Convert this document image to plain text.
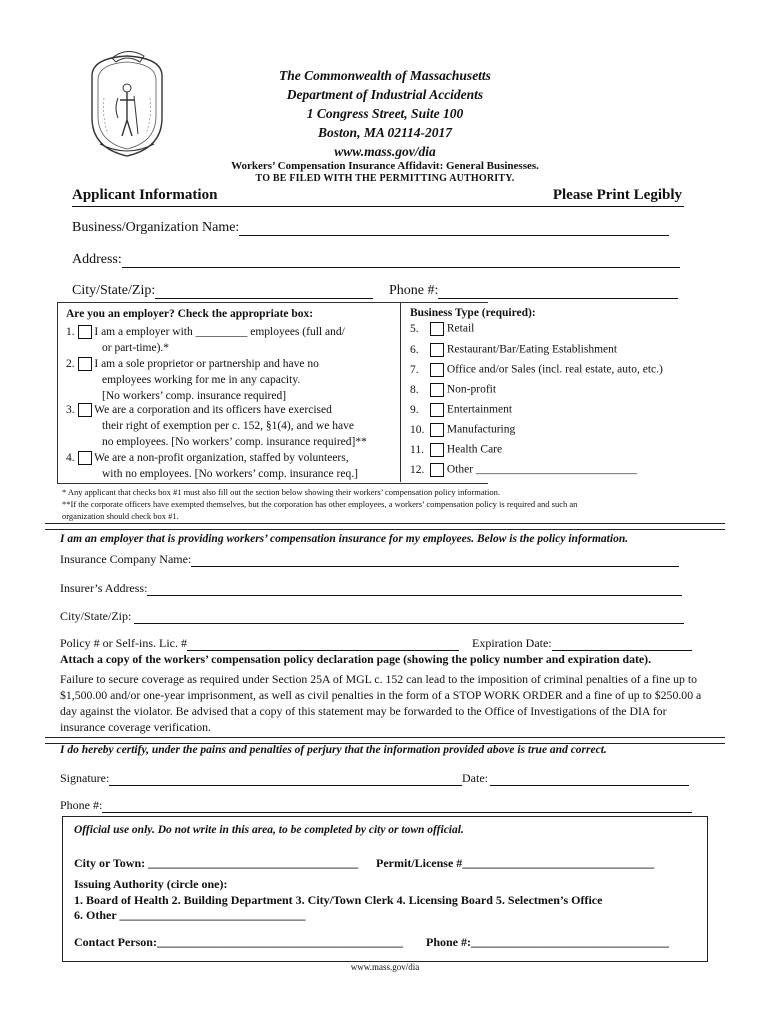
The Commonwealth of Massachusetts
Department of Industrial Accidents
1 Congress Street, Suite 100
Boston, MA 02114-2017
www.mass.gov/dia
Workers’ Compensation Insurance Affidavit: General Businesses.
TO BE FILED WITH THE PERMITTING AUTHORITY.
Applicant Information	Please Print Legibly
Business/Organization Name:
Address:
City/State/Zip:	Phone #:
Are you an employer? Check the appropriate box:
1. I am a employer with _________ employees (full and/
or part-time).*
2. I am a sole proprietor or partnership and have no
employees working for me in any capacity.
[No workers’ comp. insurance required]
3. We are a corporation and its officers have exercised
their right of exemption per c. 152, §1(4), and we have
no employees. [No workers’ comp. insurance required]**
4. We are a non-profit organization, staffed by volunteers,
with no employees. [No workers’ comp. insurance req.]
Business Type (required):
5. Retail
6. Restaurant/Bar/Eating Establishment
7. Office and/or Sales (incl. real estate, auto, etc.)
8. Non-profit
9. Entertainment
10. Manufacturing
11. Health Care
12. Other ____________________________
* Any applicant that checks box #1 must also fill out the section below showing their workers’ compensation policy information.
**If the corporate officers have exempted themselves, but the corporation has other employees, a workers’ compensation policy is required and such an
organization should check box #1.
I am an employer that is providing workers’ compensation insurance for my employees. Below is the policy information.
Insurance Company Name:
Insurer’s Address:
City/State/Zip:
Policy # or Self-ins. Lic. #	Expiration Date:
Attach a copy of the workers’ compensation policy declaration page (showing the policy number and expiration date).
Failure to secure coverage as required under Section 25A of MGL c. 152 can lead to the imposition of criminal penalties of a fine up to $1,500.00 and/or one-year imprisonment, as well as civil penalties in the form of a STOP WORK ORDER and a fine of up to $250.00 a day against the violator. Be advised that a copy of this statement may be forwarded to the Office of Investigations of the DIA for insurance coverage verification.
I do hereby certify, under the pains and penalties of perjury that the information provided above is true and correct.
Signature:	Date:
Phone #:
Official use only. Do not write in this area, to be completed by city or town official.
City or Town: ___________________________________ Permit/License #________________________________
Issuing Authority (circle one):
1. Board of Health 2. Building Department 3. City/Town Clerk 4. Licensing Board 5. Selectmen’s Office
6. Other _______________________________
Contact Person:_________________________________________ Phone #:_________________________________
www.mass.gov/dia
